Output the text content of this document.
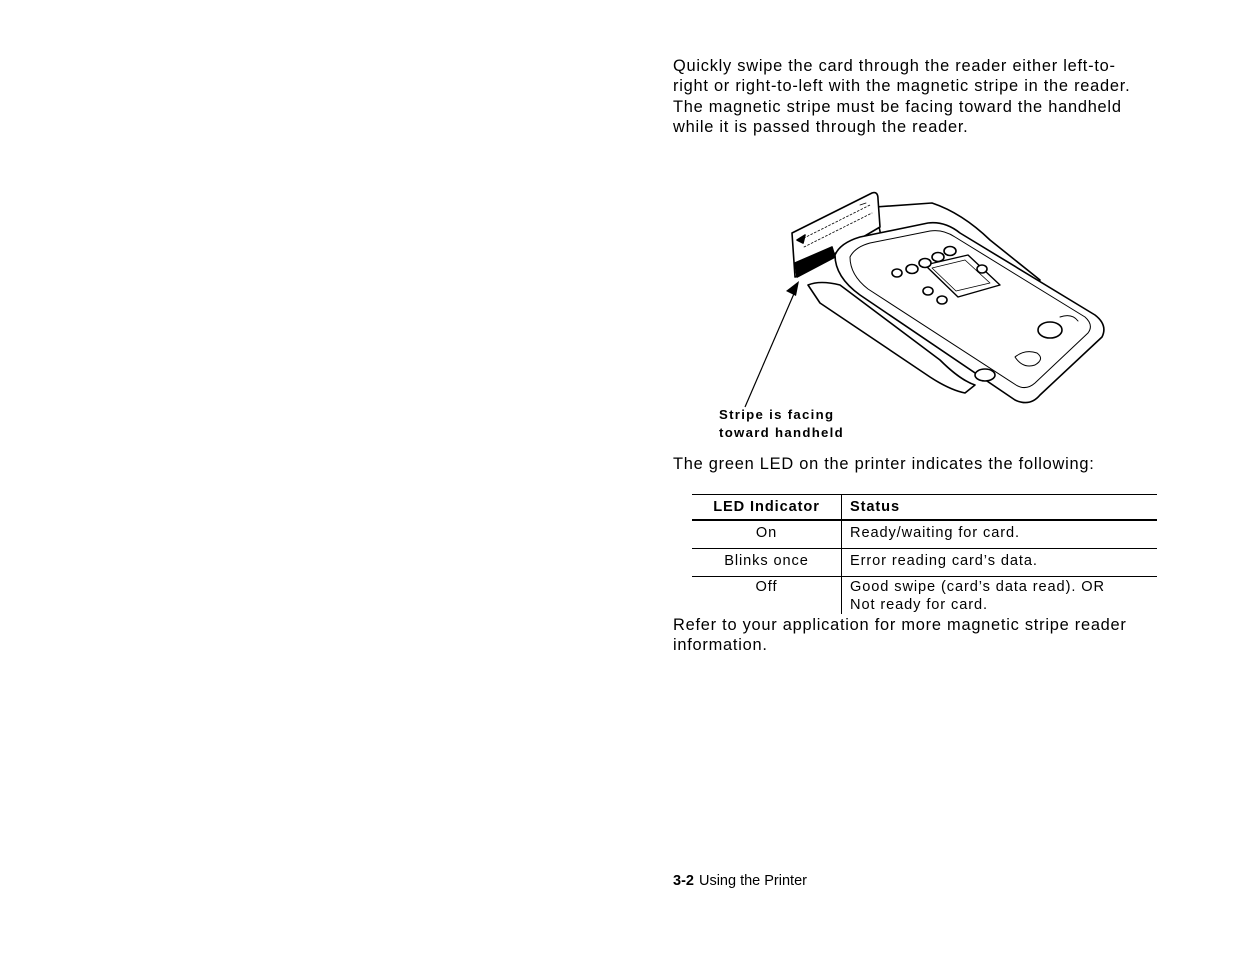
Quickly swipe the card through the reader either left-to-
right or right-to-left with the magnetic stripe in the reader.
The magnetic stripe must be facing toward the handheld
while it is passed through the reader.

Stripe is facing
toward handheld

The green LED on the printer indicates the following:

LED Indicator	Status
On	Ready/waiting for card.

Blinks once	Error reading card’s data.

Off	Good swipe (card’s data read). OR
Not ready for card.

Refer to your application for more magnetic stripe reader
information.

3-2 Using the Printer
